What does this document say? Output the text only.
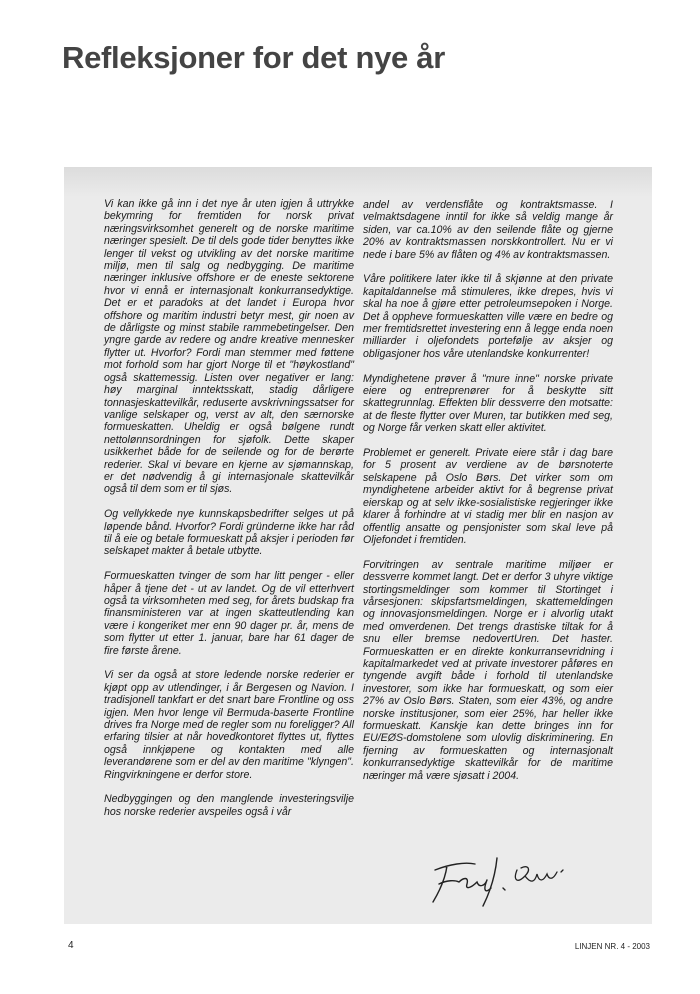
Refleksjoner for det nye år

Vi kan ikke gå inn i det nye år uten igjen å uttrykke bekymring for fremtiden for norsk privat næringsvirksomhet generelt og de norske maritime næringer spesielt. De til dels gode tider benyttes ikke lenger til vekst og utvikling av det norske maritime miljø, men til salg og nedbygging. De maritime næringer inklusive offshore er de eneste sektorene hvor vi ennå er internasjonalt konkurransedyktige. Det er et paradoks at det landet i Europa hvor offshore og maritim industri betyr mest, gir noen av de dårligste og minst stabile rammebetingelser. Den yngre garde av redere og andre kreative mennesker flytter ut. Hvorfor? Fordi man stemmer med føttene mot forhold som har gjort Norge til et "høykostland" også skattemessig. Listen over negativer er lang: høy marginal inntektsskatt, stadig dårligere tonnasjeskattevilkår, reduserte avskrivningssatser for vanlige selskaper og, verst av alt, den særnorske formueskatten. Uheldig er også bølgene rundt nettolønnsordningen for sjøfolk. Dette skaper usikkerhet både for de seilende og for de berørte rederier. Skal vi bevare en kjerne av sjømannskap, er det nødvendig å gi internasjonale skattevilkår også til dem som er til sjøs.

Og vellykkede nye kunnskapsbedrifter selges ut på løpende bånd. Hvorfor? Fordi gründerne ikke har råd til å eie og betale formueskatt på aksjer i perioden før selskapet makter å betale utbytte.

Formueskatten tvinger de som har litt penger - eller håper å tjene det - ut av landet. Og de vil etterhvert også ta virksomheten med seg, for årets budskap fra finansministeren var at ingen skatteutlending kan være i kongeriket mer enn 90 dager pr. år, mens de som flytter ut etter 1. januar, bare har 61 dager de fire første årene.

Vi ser da også at store ledende norske rederier er kjøpt opp av utlendinger, i år Bergesen og Navion. I tradisjonell tankfart er det snart bare Frontline og oss igjen. Men hvor lenge vil Bermuda-baserte Frontline drives fra Norge med de regler som nu foreligger? All erfaring tilsier at når hovedkontoret flyttes ut, flyttes også innkjøpene og kontakten med alle leverandørene som er del av den maritime "klyngen". Ringvirkningene er derfor store.

Nedbyggingen og den manglende investeringsvilje hos norske rederier avspeiles også i vår

andel av verdensflåte og kontraktsmasse. I velmaktsdagene inntil for ikke så veldig mange år siden, var ca.10% av den seilende flåte og gjerne 20% av kontraktsmassen norskkontrollert. Nu er vi nede i bare 5% av flåten og 4% av kontraktsmassen.

Våre politikere later ikke til å skjønne at den private kapitaldannelse må stimuleres, ikke drepes, hvis vi skal ha noe å gjøre etter petroleumsepoken i Norge. Det å oppheve formueskatten ville være en bedre og mer fremtidsrettet investering enn å legge enda noen milliarder i oljefondets portefølje av aksjer og obligasjoner hos våre utenlandske konkurrenter!

Myndighetene prøver å "mure inne" norske private eiere og entreprenører for å beskytte sitt skattegrunnlag. Effekten blir dessverre den motsatte: at de fleste flytter over Muren, tar butikken med seg, og Norge får verken skatt eller aktivitet.

Problemet er generelt. Private eiere står i dag bare for 5 prosent av verdiene av de børsnoterte selskapene på Oslo Børs. Det virker som om myndighetene arbeider aktivt for å begrense privat eierskap og at selv ikke-sosialistiske regjeringer ikke klarer å forhindre at vi stadig mer blir en nasjon av offentlig ansatte og pensjonister som skal leve på Oljefondet i fremtiden.

Forvitringen av sentrale maritime miljøer er dessverre kommet langt. Det er derfor 3 uhyre viktige stortingsmeldinger som kommer til Stortinget i vårsesjonen: skipsfartsmeldingen, skattemeldingen og innovasjonsmeldingen. Norge er i alvorlig utakt med omverdenen. Det trengs drastiske tiltak for å snu eller bremse nedovertUren. Det haster. Formueskatten er en direkte konkurransevridning i kapitalmarkedet ved at private investorer påføres en tyngende avgift både i forhold til utenlandske investorer, som ikke har formueskatt, og som eier 27% av Oslo Børs. Staten, som eier 43%, og andre norske institusjoner, som eier 25%, har heller ikke formueskatt. Kanskje kan dette bringes inn for EU/EØS-domstolene som ulovlig diskriminering. En fjerning av formueskatten og internasjonalt konkurransedyktige skattevilkår for de maritime næringer må være sjøsatt i 2004.

4	LINJEN NR. 4 - 2003
